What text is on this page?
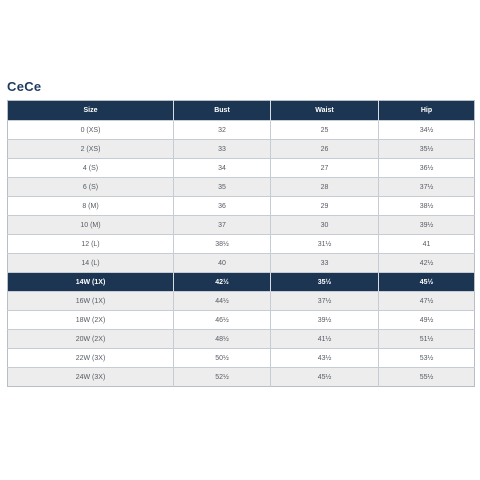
CeCe
Size	Bust	Waist	Hip
0 (XS)	32	25	34½
2 (XS)	33	26	35½
4 (S)	34	27	36½
6 (S)	35	28	37½
8 (M)	36	29	38½
10 (M)	37	30	39½
12 (L)	38½	31½	41
14 (L)	40	33	42½
14W (1X)	42½	35½	45½
16W (1X)	44½	37½	47½
18W (2X)	46½	39½	49½
20W (2X)	48½	41½	51½
22W (3X)	50½	43½	53½
24W (3X)	52½	45½	55½
